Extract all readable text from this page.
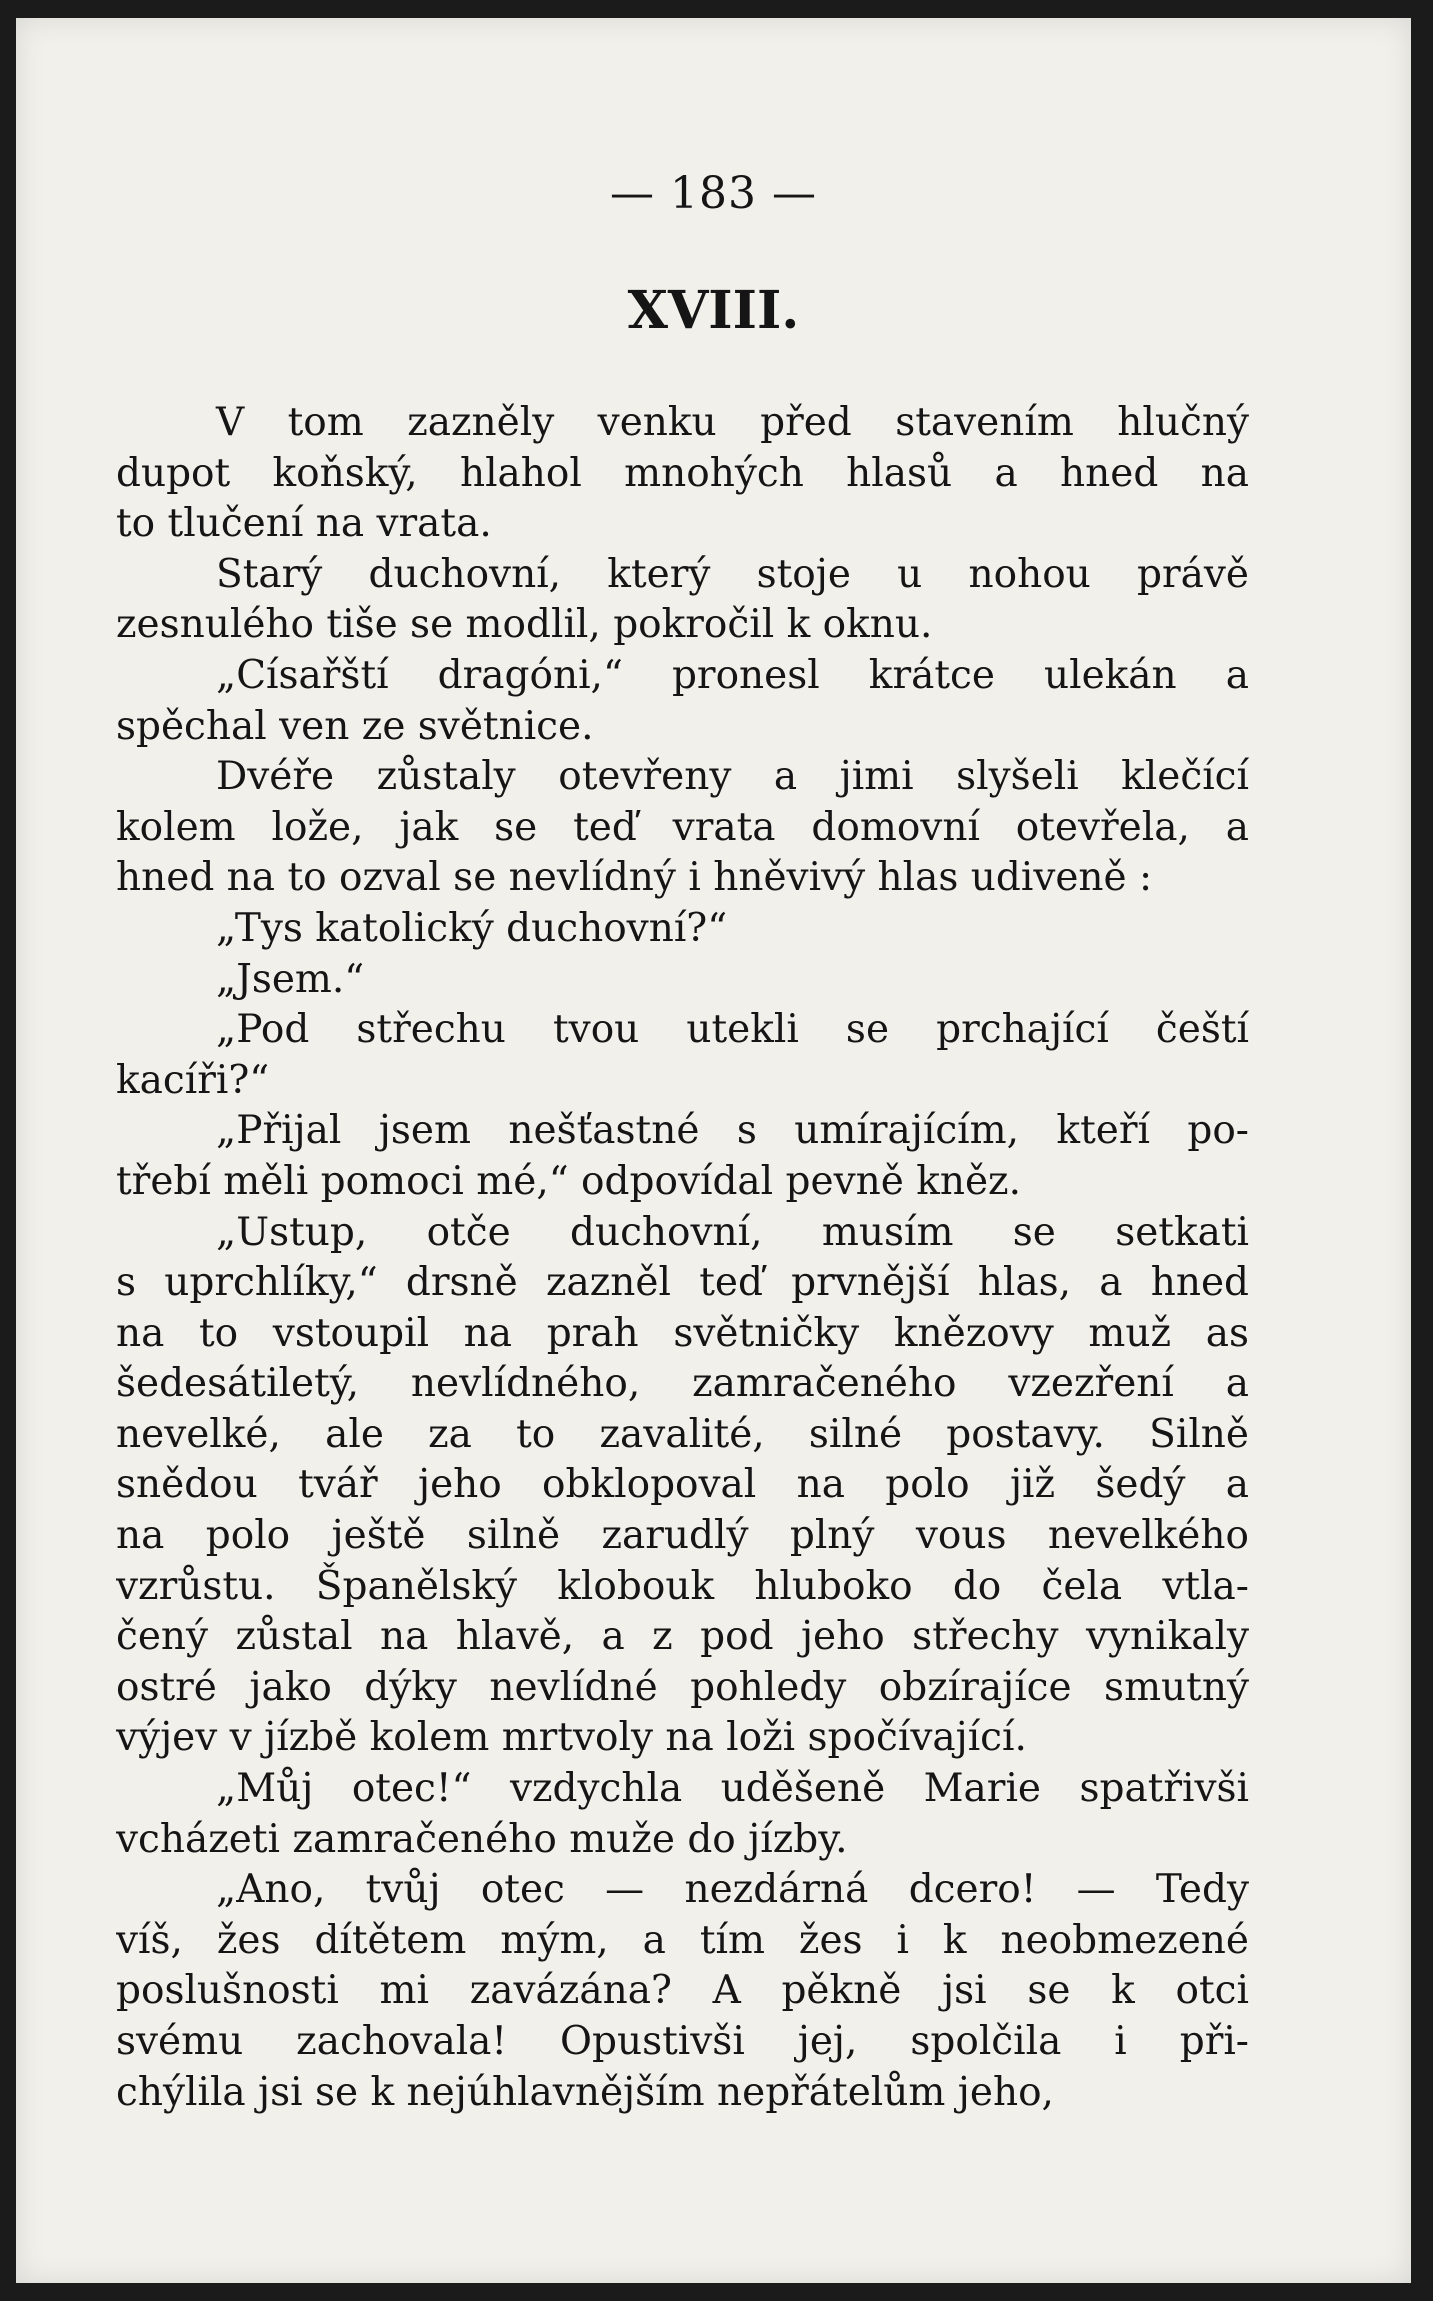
— 183 —
XVIII.
V tom zazněly venku před stavením hlučný
dupot koňský, hlahol mnohých hlasů a hned na
to tlučení na vrata.
Starý duchovní, který stoje u nohou právě
zesnulého tiše se modlil, pokročil k oknu.
„Císařští dragóni,“ pronesl krátce ulekán a
spěchal ven ze světnice.
Dvéře zůstaly otevřeny a jimi slyšeli klečící
kolem lože, jak se teď vrata domovní otevřela, a
hned na to ozval se nevlídný i hněvivý hlas udiveně :
„Tys katolický duchovní?“
„Jsem.“
„Pod střechu tvou utekli se prchající čeští
kacíři?“
„Přijal jsem nešťastné s umírajícím, kteří po-
třebí měli pomoci mé,“ odpovídal pevně kněz.
„Ustup, otče duchovní, musím se setkati
s uprchlíky,“ drsně zazněl teď prvnější hlas, a hned
na to vstoupil na prah světničky knězovy muž as
šedesátiletý, nevlídného, zamračeného vzezření a
nevelké, ale za to zavalité, silné postavy. Silně
snědou tvář jeho obklopoval na polo již šedý a
na polo ještě silně zarudlý plný vous nevelkého
vzrůstu. Španělský klobouk hluboko do čela vtla-
čený zůstal na hlavě, a z pod jeho střechy vynikaly
ostré jako dýky nevlídné pohledy obzírajíce smutný
výjev v jízbě kolem mrtvoly na loži spočívající.
„Můj otec!“ vzdychla uděšeně Marie spatřivši
vcházeti zamračeného muže do jízby.
„Ano, tvůj otec — nezdárná dcero! — Tedy
víš, žes dítětem mým, a tím žes i k neobmezené
poslušnosti mi zavázána? A pěkně jsi se k otci
svému zachovala! Opustivši jej, spolčila i při-
chýlila jsi se k nejúhlavnějším nepřátelům jeho,
